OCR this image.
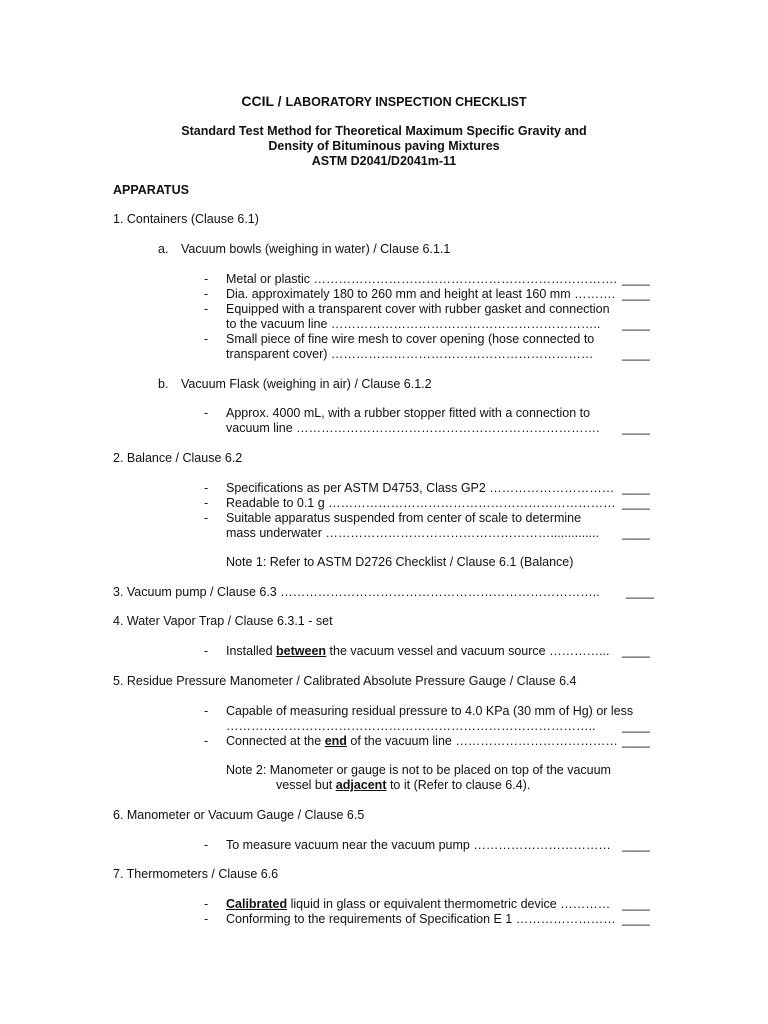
CCIL / LABORATORY INSPECTION CHECKLIST
Standard Test Method for Theoretical Maximum Specific Gravity and
Density of Bituminous paving Mixtures
ASTM D2041/D2041m-11
APPARATUS
1. Containers (Clause 6.1)
a. Vacuum bowls (weighing in water) / Clause 6.1.1
- Metal or plastic ………………………………………………………………. ____
- Dia. approximately 180 to 260 mm and height at least 160 mm ………. ____
- Equipped with a transparent cover with rubber gasket and connection
to the vacuum line ……………………………………………………….. ____
- Small piece of fine wire mesh to cover opening (hose connected to
transparent cover) ……………………………………………………… ____
b. Vacuum Flask (weighing in air) / Clause 6.1.2
- Approx. 4000 mL, with a rubber stopper fitted with a connection to
vacuum line ………………………………………………………………. ____
2. Balance / Clause 6.2
- Specifications as per ASTM D4753, Class GP2 ………………………… ____
- Readable to 0.1 g …………………………………………………………… ____
- Suitable apparatus suspended from center of scale to determine
mass underwater ……………………………………………….............. ____
Note 1: Refer to ASTM D2726 Checklist / Clause 6.1 (Balance)
3. Vacuum pump / Clause 6.3 ………………………………………………………………….. ____
4. Water Vapor Trap / Clause 6.3.1 - set
- Installed between the vacuum vessel and vacuum source …………... ____
5. Residue Pressure Manometer / Calibrated Absolute Pressure Gauge / Clause 6.4
- Capable of measuring residual pressure to 4.0 KPa (30 mm of Hg) or less
…………………………………………………………………………….. ____
- Connected at the end of the vacuum line ………………………………… ____
Note 2: Manometer or gauge is not to be placed on top of the vacuum
vessel but adjacent to it (Refer to clause 6.4).
6. Manometer or Vacuum Gauge / Clause 6.5
- To measure vacuum near the vacuum pump …………………………… ____
7. Thermometers / Clause 6.6
- Calibrated liquid in glass or equivalent thermometric device ………… ____
- Conforming to the requirements of Specification E 1 …………………… ____
